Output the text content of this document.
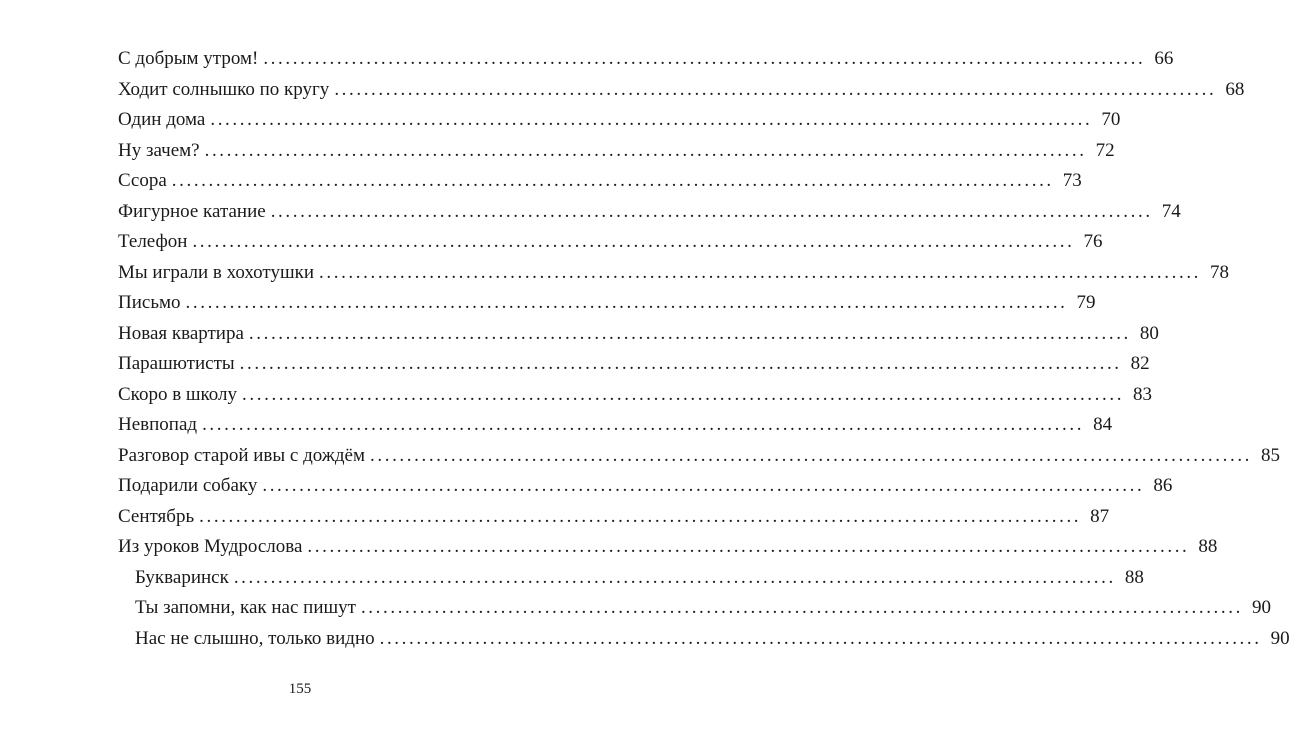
С добрым утром! ........................................................................................................................ 66
Ходит солнышко по кругу ........................................................................................................................ 68
Один дома ........................................................................................................................ 70
Ну зачем? ........................................................................................................................ 72
Ссора ........................................................................................................................ 73
Фигурное катание ........................................................................................................................ 74
Телефон ........................................................................................................................ 76
Мы играли в хохотушки ........................................................................................................................ 78
Письмо ........................................................................................................................ 79
Новая квартира ........................................................................................................................ 80
Парашютисты ........................................................................................................................ 82
Скоро в школу ........................................................................................................................ 83
Невпопад ........................................................................................................................ 84
Разговор старой ивы с дождём ........................................................................................................................ 85
Подарили собаку ........................................................................................................................ 86
Сентябрь ........................................................................................................................ 87
Из уроков Мудрослова ........................................................................................................................ 88
Букваринск ........................................................................................................................ 88
Ты запомни, как нас пишут ........................................................................................................................ 90
Нас не слышно, только видно ........................................................................................................................ 90
155
